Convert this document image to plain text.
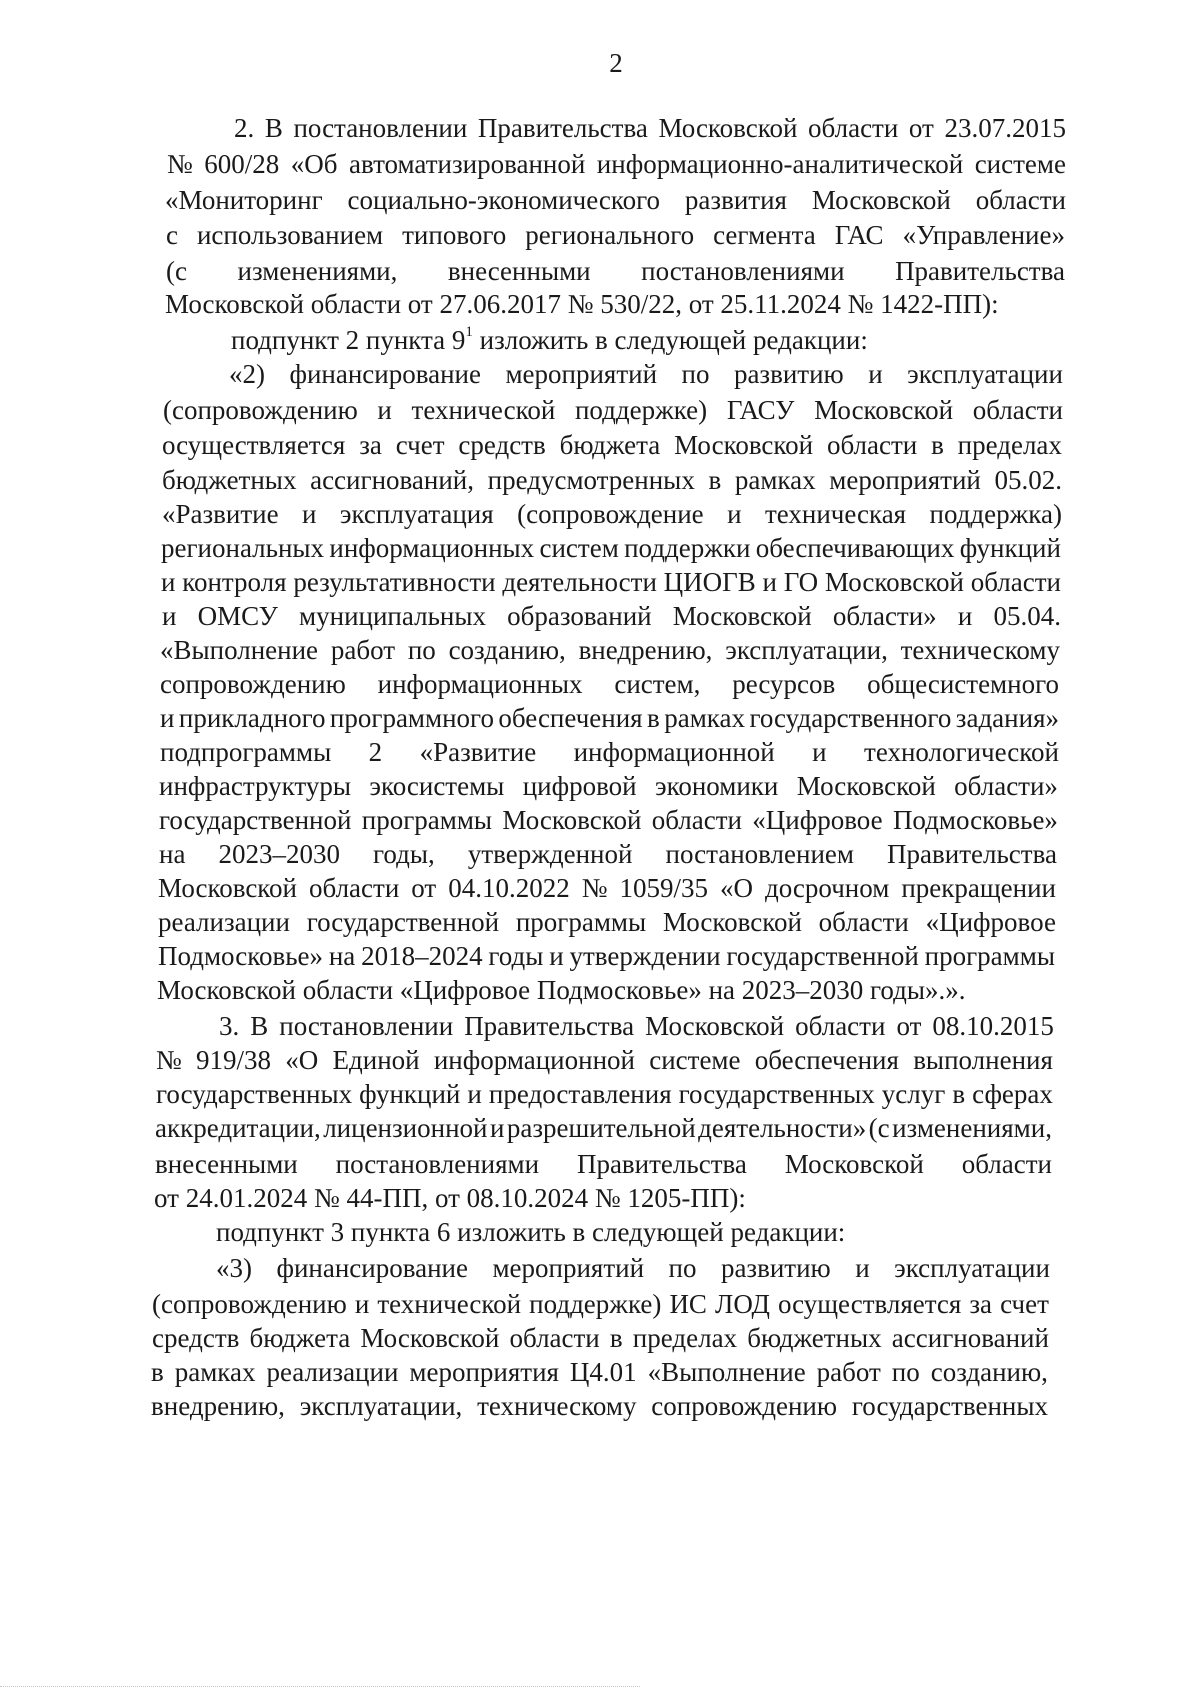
2
2. В постановлении Правительства Московской области от 23.07.2015
№ 600/28 «Об автоматизированной информационно-аналитической системе
«Мониторинг социально-экономического развития Московской области
с использованием типового регионального сегмента ГАС «Управление»
(с изменениями, внесенными постановлениями Правительства
Московской области от 27.06.2017 № 530/22, от 25.11.2024 № 1422-ПП):
подпункт 2 пункта $9^1$ изложить в следующей редакции:
«2) финансирование мероприятий по развитию и эксплуатации
(сопровождению и технической поддержке) ГАСУ Московской области
осуществляется за счет средств бюджета Московской области в пределах
бюджетных ассигнований, предусмотренных в рамках мероприятий 05.02.
«Развитие и эксплуатация (сопровождение и техническая поддержка)
региональных информационных систем поддержки обеспечивающих функций
и контроля результативности деятельности ЦИОГВ и ГО Московской области
и ОМСУ муниципальных образований Московской области» и 05.04.
«Выполнение работ по созданию, внедрению, эксплуатации, техническому
сопровождению информационных систем, ресурсов общесистемного
и прикладного программного обеспечения в рамках государственного задания»
подпрограммы 2 «Развитие информационной и технологической
инфраструктуры экосистемы цифровой экономики Московской области»
государственной программы Московской области «Цифровое Подмосковье»
на 2023–2030 годы, утвержденной постановлением Правительства
Московской области от 04.10.2022 № 1059/35 «О досрочном прекращении
реализации государственной программы Московской области «Цифровое
Подмосковье» на 2018–2024 годы и утверждении государственной программы
Московской области «Цифровое Подмосковье» на 2023–2030 годы».».
3. В постановлении Правительства Московской области от 08.10.2015
№ 919/38 «О Единой информационной системе обеспечения выполнения
государственных функций и предоставления государственных услуг в сферах
аккредитации, лицензионной и разрешительной деятельности» (с изменениями,
внесенными постановлениями Правительства Московской области
от 24.01.2024 № 44-ПП, от 08.10.2024 № 1205-ПП):
подпункт 3 пункта 6 изложить в следующей редакции:
«3) финансирование мероприятий по развитию и эксплуатации
(сопровождению и технической поддержке) ИС ЛОД осуществляется за счет
средств бюджета Московской области в пределах бюджетных ассигнований
в рамках реализации мероприятия Ц4.01 «Выполнение работ по созданию,
внедрению, эксплуатации, техническому сопровождению государственных
